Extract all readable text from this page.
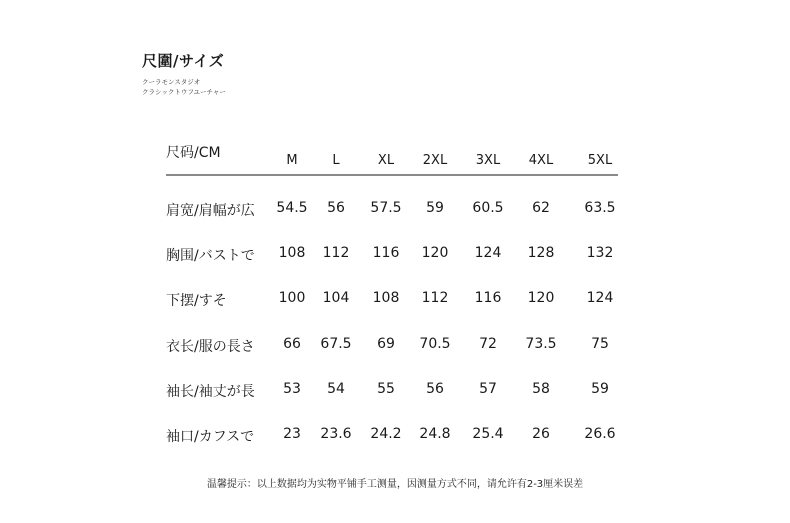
尺圍/サイズ
クーラモンスタジオ
クラシックトウフユーチャー
尺码/CM	M	L	XL 2XL 3XL 4XL	5XL
肩宽/肩幅が広 54.5 56 57.5 59 60.5 62 63.5
胸围/バストで 108 112 116 120 124 128 132
下摆/すそ	100 104 108 112 116 120 124
衣长/服の長さ 66 67.5 69 70.5 72 73.5 75
袖长/袖丈が長 53 54 55 56	57	58	59
袖口/カフスで 23 23.6 24.2 24.8 25.4 26 26.6
温馨提示：以上数据均为实物平铺手工测量，因测量方式不同，请允许有2-3厘米误差
